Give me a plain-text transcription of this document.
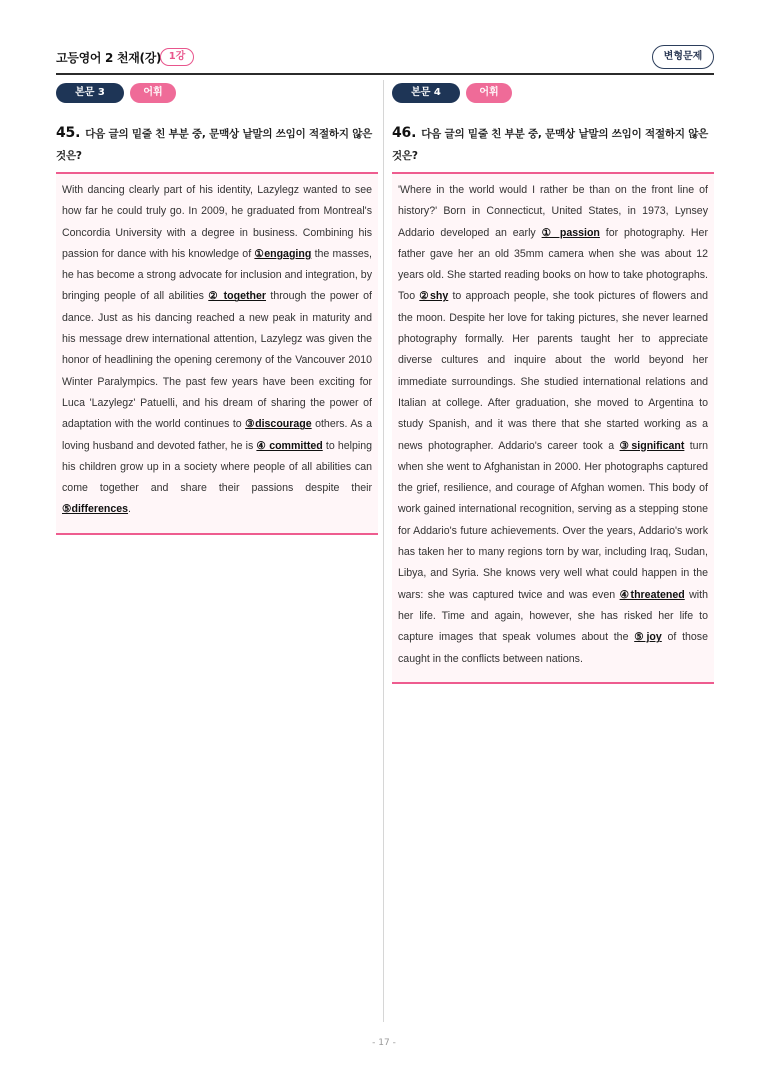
고등영어 2 천재(강) 1강	변형문제
본문 3	어휘
45. 다음 글의 밑줄 친 부분 중, 문맥상 낱말의 쓰임이 적절하지 않은 것은?
With dancing clearly part of his identity, Lazylegz wanted to see how far he could truly go. In 2009, he graduated from Montreal's Concordia University with a degree in business. Combining his passion for dance with his knowledge of ①engaging the masses, he has become a strong advocate for inclusion and integration, by bringing people of all abilities ② together through the power of dance. Just as his dancing reached a new peak in maturity and his message drew international attention, Lazylegz was given the honor of headlining the opening ceremony of the Vancouver 2010 Winter Paralympics. The past few years have been exciting for Luca 'Lazylegz' Patuelli, and his dream of sharing the power of adaptation with the world continues to ③discourage others. As a loving husband and devoted father, he is ④ committed to helping his children grow up in a society where people of all abilities can come together and share their passions despite their ⑤differences.
본문 4	어휘
46. 다음 글의 밑줄 친 부분 중, 문맥상 낱말의 쓰임이 적절하지 않은 것은?
'Where in the world would I rather be than on the front line of history?' Born in Connecticut, United States, in 1973, Lynsey Addario developed an early ① passion for photography. Her father gave her an old 35mm camera when she was about 12 years old. She started reading books on how to take photographs. Too ②shy to approach people, she took pictures of flowers and the moon. Despite her love for taking pictures, she never learned photography formally. Her parents taught her to appreciate diverse cultures and inquire about the world beyond her immediate surroundings. She studied international relations and Italian at college. After graduation, she moved to Argentina to study Spanish, and it was there that she started working as a news photographer. Addario's career took a ③significant turn when she went to Afghanistan in 2000. Her photographs captured the grief, resilience, and courage of Afghan women. This body of work gained international recognition, serving as a stepping stone for Addario's future achievements. Over the years, Addario's work has taken her to many regions torn by war, including Iraq, Sudan, Libya, and Syria. She knows very well what could happen in the wars: she was captured twice and was even ④threatened with her life. Time and again, however, she has risked her life to capture images that speak volumes about the ⑤joy of those caught in the conflicts between nations.
- 17 -
